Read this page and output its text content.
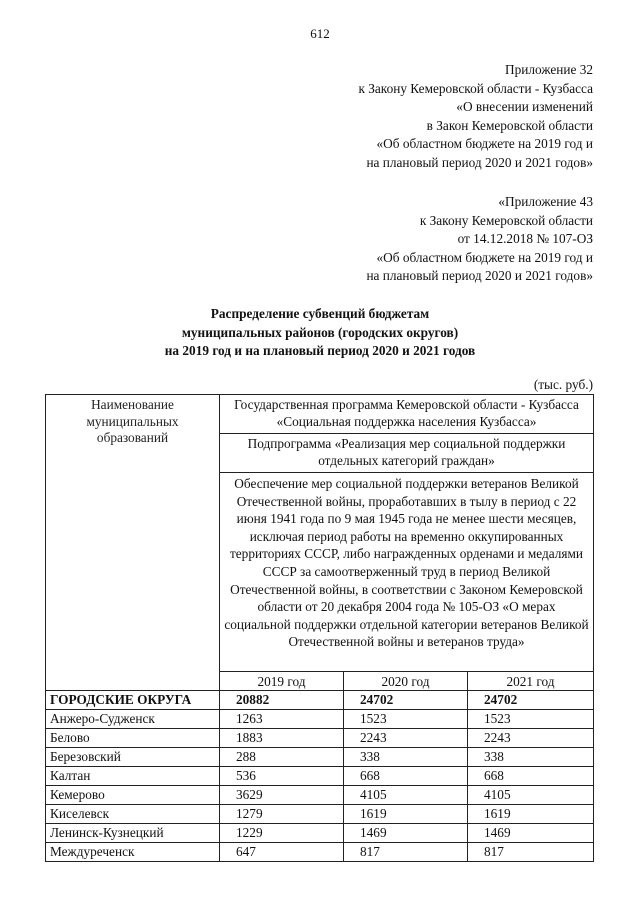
612
Приложение 32
к Закону Кемеровской области - Кузбасса
«О внесении изменений
в Закон Кемеровской области
«Об областном бюджете на 2019 год и
на плановый период 2020 и 2021 годов»
«Приложение 43
к Закону Кемеровской области
от 14.12.2018 № 107-ОЗ
«Об областном бюджете на 2019 год и
на плановый период 2020 и 2021 годов»
Распределение субвенций бюджетам
муниципальных районов (городских округов)
на 2019 год и на плановый период 2020 и 2021 годов
(тыс. руб.)
Наименование муниципальных образований	Государственная программа Кемеровской области - Кузбасса «Социальная поддержка населения Кузбасса»		
	Подпрограмма «Реализация мер социальной поддержки отдельных категорий граждан»		
	Обеспечение мер социальной поддержки ветеранов Великой Отечественной войны, проработавших в тылу в период с 22 июня 1941 года по 9 мая 1945 года не менее шести месяцев, исключая период работы на временно оккупированных территориях СССР, либо награжденных орденами и медалями СССР за самоотверженный труд в период Великой Отечественной войны, в соответствии с Законом Кемеровской области от 20 декабря 2004 года № 105-ОЗ «О мерах социальной поддержки отдельной категории ветеранов Великой Отечественной войны и ветеранов труда»		
	2019 год	2020 год	2021 год
ГОРОДСКИЕ ОКРУГА	20882	24702	24702
Анжеро-Судженск	1263	1523	1523
Белово	1883	2243	2243
Березовский	288	338	338
Калтан	536	668	668
Кемерово	3629	4105	4105
Киселевск	1279	1619	1619
Ленинск-Кузнецкий	1229	1469	1469
Междуреченск	647	817	817
